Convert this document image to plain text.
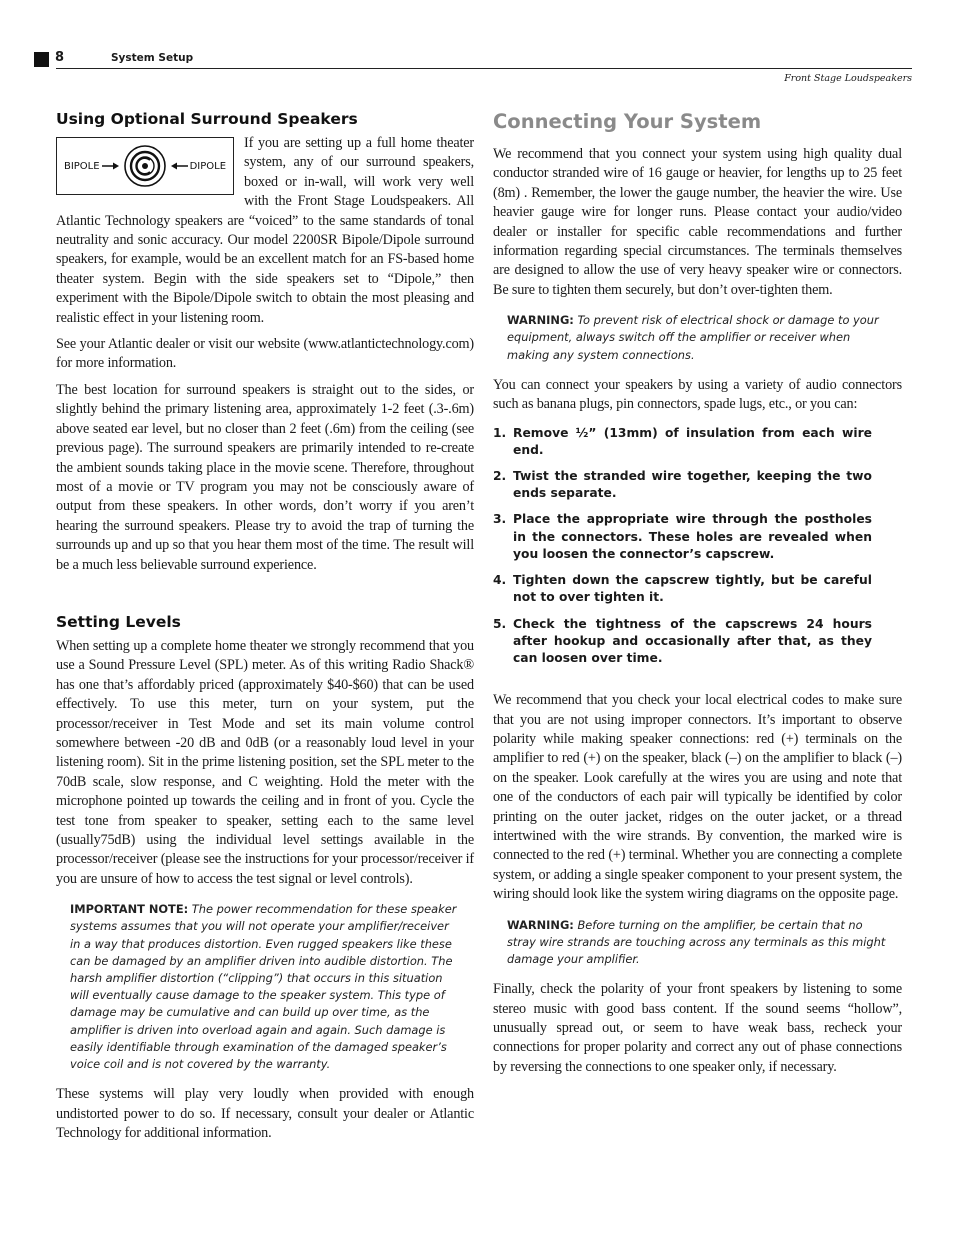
8	System Setup
Front Stage Loudspeakers
Using Optional Surround Speakers
BIPOLE	DIPOLE

If you are setting up a full home theater system, any of our surround speakers, boxed or in-wall, will work very well with the Front Stage Loudspeakers. All Atlantic Technology speakers are “voiced” to the same standards of tonal neutrality and sonic accuracy. Our model 2200SR Bipole/Dipole surround speakers, for example, would be an excellent match for an FS-based home theater system. Begin with the side speakers set to “Dipole,” then experiment with the Bipole/Dipole switch to obtain the most pleasing and realistic effect in your listening room.

See your Atlantic dealer or visit our website (www.atlantictechnology.com) for more information.

The best location for surround speakers is straight out to the sides, or slightly behind the primary listening area, approximately 1-2 feet (.3-.6m) above seated ear level, but no closer than 2 feet (.6m) from the ceiling (see previous page). The surround speakers are primarily intended to re-create the ambient sounds taking place in the movie scene. Therefore, throughout most of a movie or TV program you may not be consciously aware of output from these speakers. In other words, don’t worry if you aren’t hearing the surround speakers. Please try to avoid the trap of turning the surrounds up and up so that you hear them most of the time. The result will be a much less believable surround experience.

Setting Levels

When setting up a complete home theater we strongly recommend that you use a Sound Pressure Level (SPL) meter. As of this writing Radio Shack® has one that’s affordably priced (approximately $40-$60) that can be used effectively. To use this meter, turn on your system, put the processor/receiver in Test Mode and set its main volume control somewhere between -20 dB and 0dB (or a reasonably loud level in your listening room). Sit in the prime listening position, set the SPL meter to the 70dB scale, slow response, and C weighting. Hold the meter with the microphone pointed up towards the ceiling and in front of you. Cycle the test tone from speaker to speaker, setting each to the same level (usually75dB) using the individual level settings available in the processor/receiver (please see the instructions for your processor/receiver if you are unsure of how to access the test signal or level controls).

IMPORTANT NOTE: The power recommendation for these speaker systems assumes that you will not operate your amplifier/receiver in a way that produces distortion. Even rugged speakers like these can be damaged by an amplifier driven into audible distortion. The harsh amplifier distortion (“clipping”) that occurs in this situation will eventually cause damage to the speaker system. This type of damage may be cumulative and can build up over time, as the amplifier is driven into overload again and again. Such damage is easily identifiable through examination of the damaged speaker’s voice coil and is not covered by the warranty.

These systems will play very loudly when provided with enough undistorted power to do so. If necessary, consult your dealer or Atlantic Technology for additional information.

Connecting Your System

We recommend that you connect your system using high quality dual conductor stranded wire of 16 gauge or heavier, for lengths up to 25 feet (8m) . Remember, the lower the gauge number, the heavier the wire. Use heavier gauge wire for longer runs. Please contact your audio/video dealer or installer for specific cable recommendations and further information regarding special circumstances. The terminals themselves are designed to allow the use of very heavy speaker wire or connectors. Be sure to tighten them securely, but don’t over-tighten them.

WARNING: To prevent risk of electrical shock or damage to your equipment, always switch off the amplifier or receiver when making any system connections.

You can connect your speakers by using a variety of audio connectors such as banana plugs, pin connectors, spade lugs, etc., or you can:

1. Remove ½” (13mm) of insulation from each wire end.
2. Twist the stranded wire together, keeping the two ends separate.
3. Place the appropriate wire through the postholes in the connectors. These holes are revealed when you loosen the connector’s capscrew.
4. Tighten down the capscrew tightly, but be careful not to over tighten it.
5. Check the tightness of the capscrews 24 hours after hookup and occasionally after that, as they can loosen over time.

We recommend that you check your local electrical codes to make sure that you are not using improper connectors. It’s important to observe polarity while making speaker connections: red (+) terminals on the amplifier to red (+) on the speaker, black (–) on the amplifier to black (–) on the speaker. Look carefully at the wires you are using and note that one of the conductors of each pair will typically be identified by color printing on the outer jacket, ridges on the outer jacket, or a thread intertwined with the wire strands. By convention, the marked wire is connected to the red (+) terminal. Whether you are connecting a complete system, or adding a single speaker component to your present system, the wiring should look like the system wiring diagrams on the opposite page.

WARNING: Before turning on the amplifier, be certain that no stray wire strands are touching across any terminals as this might damage your amplifier.

Finally, check the polarity of your front speakers by listening to some stereo music with good bass content. If the sound seems “hollow”, unusually spread out, or seem to have weak bass, recheck your connections for proper polarity and correct any out of phase connections by reversing the connections to one speaker only, if necessary.
